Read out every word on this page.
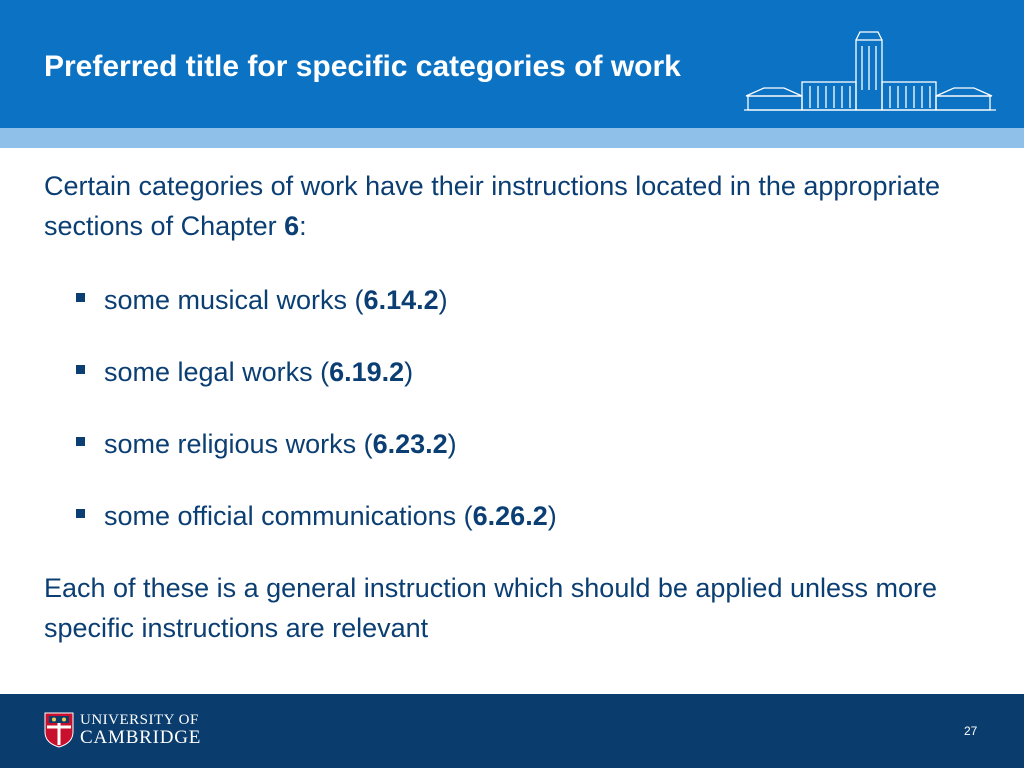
Preferred title for specific categories of work

Certain categories of work have their instructions located in the appropriate sections of Chapter 6:

some musical works (6.14.2)
some legal works (6.19.2)
some religious works (6.23.2)
some official communications (6.26.2)

Each of these is a general instruction which should be applied unless more specific instructions are relevant

UNIVERSITY OF
CAMBRIDGE	27
